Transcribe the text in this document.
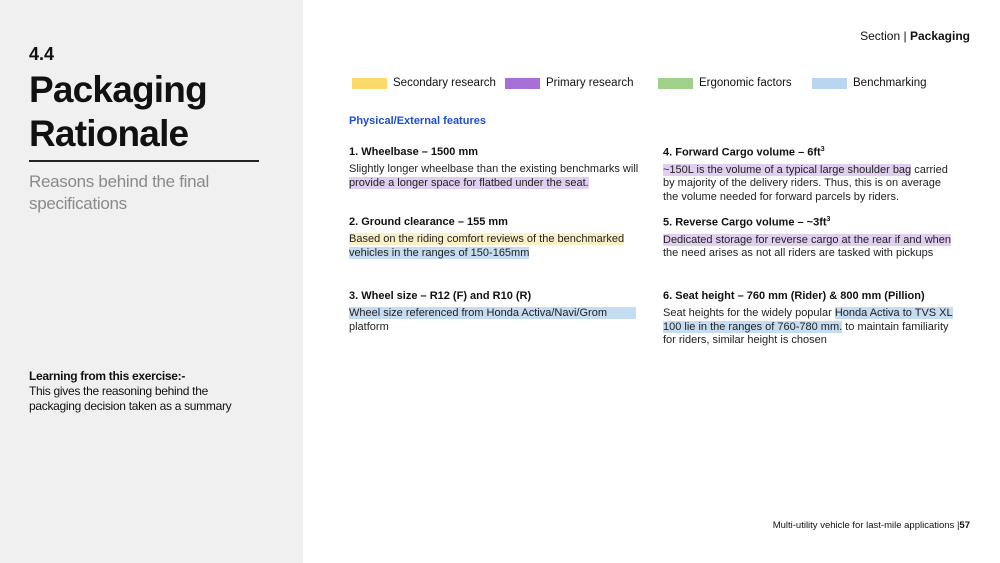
4.4
Packaging
Rationale
Reasons behind the final specifications
Learning from this exercise:-
This gives the reasoning behind the packaging decision taken as a summary
Section | Packaging
Secondary research	Primary research	Ergonomic factors	Benchmarking
Physical/External features
1. Wheelbase – 1500 mm
Slightly longer wheelbase than the existing benchmarks will provide a longer space for flatbed under the seat.
2. Ground clearance – 155 mm
Based on the riding comfort reviews of the benchmarked
vehicles in the ranges of 150-165mm
3. Wheel size – R12 (F) and R10 (R)
Wheel size referenced from Honda Activa/Navi/Grom
platform
4. Forward Cargo volume – $6ft^3$
~150L is the volume of a typical large shoulder bag carried by majority of the delivery riders. Thus, this is on average the volume needed for forward parcels by riders.
5. Reverse Cargo volume – $\sim 3ft^3$
Dedicated storage for reverse cargo at the rear if and when
the need arises as not all riders are tasked with pickups
6. Seat height – 760 mm (Rider) & 800 mm (Pillion)
Seat heights for the widely popular Honda Activa to TVS XL 100 lie in the ranges of 760-780 mm. to maintain familiarity for riders, similar height is chosen
Multi-utility vehicle for last-mile applications |57
